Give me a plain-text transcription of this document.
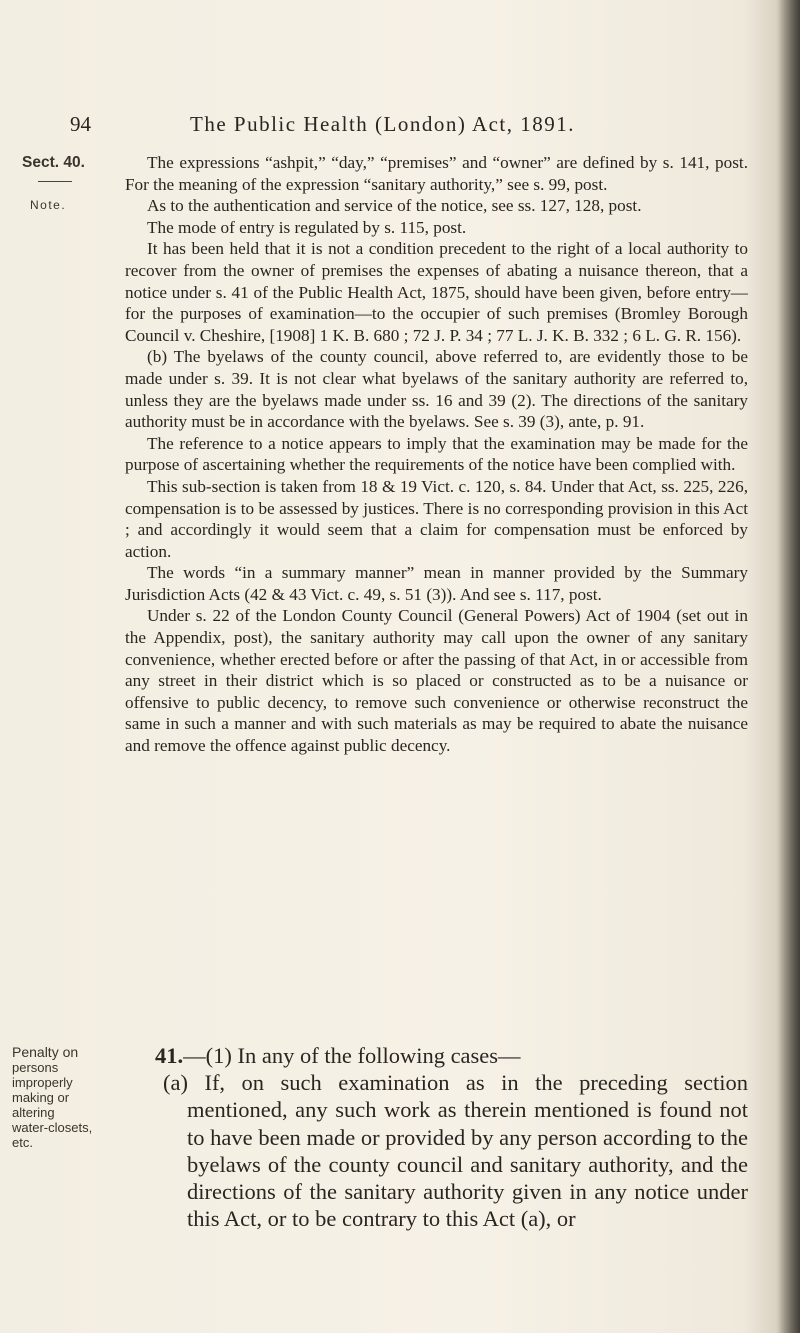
94	The Public Health (London) Act, 1891.
Sect. 40.
Note.

The expressions “ashpit,” “day,” “premises” and “owner” are defined by s. 141, post. For the meaning of the expression “sanitary authority,” see s. 99, post.

As to the authentication and service of the notice, see ss. 127, 128, post.

The mode of entry is regulated by s. 115, post.

It has been held that it is not a condition precedent to the right of a local authority to recover from the owner of premises the expenses of abating a nuisance thereon, that a notice under s. 41 of the Public Health Act, 1875, should have been given, before entry—for the purposes of examination—to the occupier of such premises (Bromley Borough Council v. Cheshire, [1908] 1 K. B. 680 ; 72 J. P. 34 ; 77 L. J. K. B. 332 ; 6 L. G. R. 156).

(b) The byelaws of the county council, above referred to, are evidently those to be made under s. 39. It is not clear what byelaws of the sanitary authority are referred to, unless they are the byelaws made under ss. 16 and 39 (2). The directions of the sanitary authority must be in accordance with the byelaws. See s. 39 (3), ante, p. 91.

The reference to a notice appears to imply that the examination may be made for the purpose of ascertaining whether the requirements of the notice have been complied with.

This sub-section is taken from 18 & 19 Vict. c. 120, s. 84. Under that Act, ss. 225, 226, compensation is to be assessed by justices. There is no corresponding provision in this Act ; and accordingly it would seem that a claim for compensation must be enforced by action.

The words “in a summary manner” mean in manner provided by the Summary Jurisdiction Acts (42 & 43 Vict. c. 49, s. 51 (3)). And see s. 117, post.

Under s. 22 of the London County Council (General Powers) Act of 1904 (set out in the Appendix, post), the sanitary authority may call upon the owner of any sanitary convenience, whether erected before or after the passing of that Act, in or accessible from any street in their district which is so placed or constructed as to be a nuisance or offensive to public decency, to remove such convenience or otherwise reconstruct the same in such a manner and with such materials as may be required to abate the nuisance and remove the offence against public decency.

Penalty on
persons
improperly
making or
altering
water-closets,
etc.

41.—(1) In any of the following cases—

(a) If, on such examination as in the preceding section mentioned, any such work as therein mentioned is found not to have been made or provided by any person according to the byelaws of the county council and sanitary authority, and the directions of the sanitary authority given in any notice under this Act, or to be contrary to this Act (a), or
